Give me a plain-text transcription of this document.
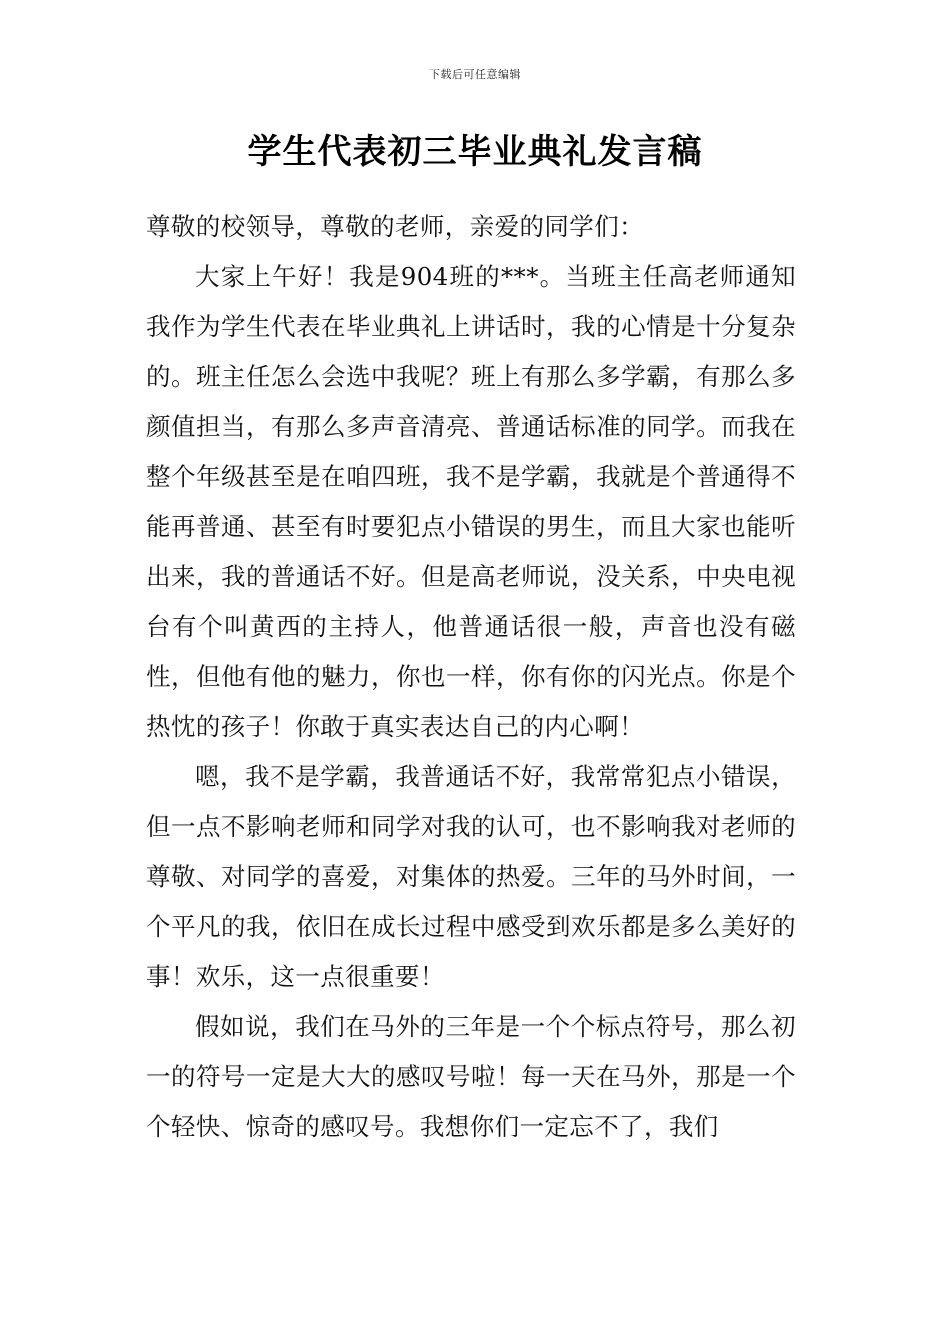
下载后可任意编辑
学生代表初三毕业典礼发言稿

尊敬的校领导，尊敬的老师，亲爱的同学们：

大家上午好！我是904班的***。当班主任高老师通知我作为学生代表在毕业典礼上讲话时，我的心情是十分复杂的。班主任怎么会选中我呢？班上有那么多学霸，有那么多颜值担当，有那么多声音清亮、普通话标准的同学。而我在整个年级甚至是在咱四班，我不是学霸，我就是个普通得不能再普通、甚至有时要犯点小错误的男生，而且大家也能听出来，我的普通话不好。但是高老师说，没关系，中央电视台有个叫黄西的主持人，他普通话很一般，声音也没有磁性，但他有他的魅力，你也一样，你有你的闪光点。你是个热忱的孩子！你敢于真实表达自己的内心啊！

嗯，我不是学霸，我普通话不好，我常常犯点小错误，但一点不影响老师和同学对我的认可，也不影响我对老师的尊敬、对同学的喜爱，对集体的热爱。三年的马外时间，一个平凡的我，依旧在成长过程中感受到欢乐都是多么美好的事！欢乐，这一点很重要！

假如说，我们在马外的三年是一个个标点符号，那么初一的符号一定是大大的感叹号啦！每一天在马外，那是一个个轻快、惊奇的感叹号。我想你们一定忘不了，我们
